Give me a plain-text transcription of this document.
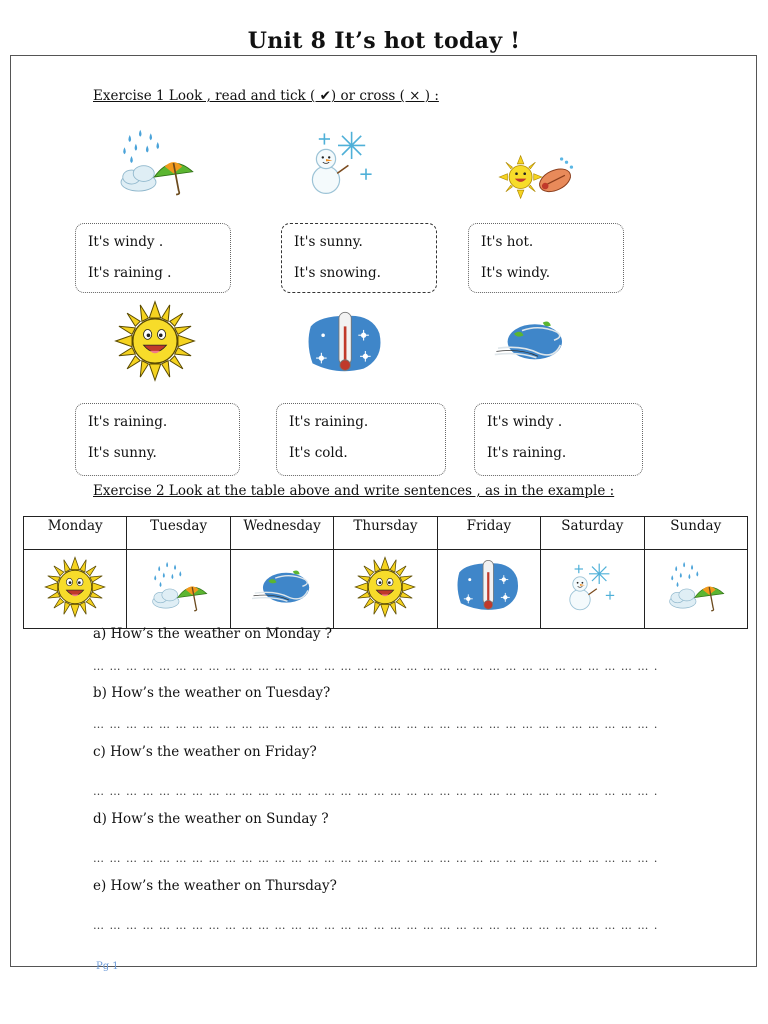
Unit 8 It’s hot today !
Exercise 1 Look , read and tick ( ✔) or cross ( × ) :
It's windy .
It's raining .
It's sunny.
It's snowing.
It's hot.
It's windy.
It's raining.
It's sunny.
It's raining.
It's cold.
It's windy .
It's raining.
Exercise 2 Look at the table above and write sentences , as in the example :
Monday	Tuesday	Wednesday	Thursday	Friday	Saturday	Sunday

a) How’s the weather on Monday ?
… … … … … … … … … … … … … … … … … … … … … … … … … … … … … … … … … … .
b) How’s the weather on Tuesday?
… … … … … … … … … … … … … … … … … … … … … … … … … … … … … … … … … … .
c) How’s the weather on Friday?
… … … … … … … … … … … … … … … … … … … … … … … … … … … … … … … … … … .
d) How’s the weather on Sunday ?
… … … … … … … … … … … … … … … … … … … … … … … … … … … … … … … … … … .
e) How’s the weather on Thursday?
… … … … … … … … … … … … … … … … … … … … … … … … … … … … … … … … … … .
Pg 1
